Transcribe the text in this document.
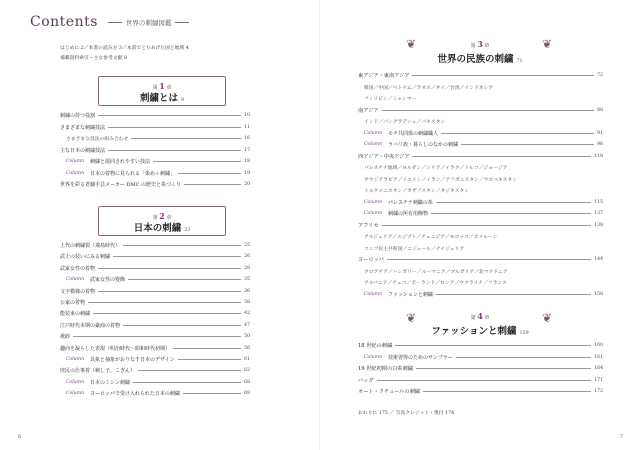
Contents	世界の刺繍図鑑
はじめに 2／本書の読み方 3／本書でとりあげた国と地域 4
補載資料索引・主な参考文献 8
第 1 章
刺繍とは 9
刺繍の持つ役割	10
さまざまな刺繍技法	11
さまざまな技法の組み合わせ	16
主な日本の刺繍技法	17
Column 刺繍と混同されやすい技法	18
Column 日本の着物に見られる「染め＋刺繍」	19
世界を彩る老舗手芸メーカー DMC の歴史と糸づくり	20
第 2 章
日本の刺繍 23
上代の刺繍裂（飛鳥時代）	25
武士の装いにみる刺繍	26
武家女性の着物	28
Column 武家女性の髪飾	35
文字模様の着物	36
公家の着物	38
能装束の刺繍	42
江戸時代末期の豪商の着物	47
袱紗	50
趣向を凝らした表現（明治時代〜昭和時代初期）	56
Column 具象と抽象がおりなす日本のデザイン	61
庶民の仕事着（刺し子、こぎん）	62
Column 日本のミシン刺繍	68
Column ヨーロッパで受け入れられた日本の刺繍	69
6
❦	❦
第 3 章
世界の民族の刺繍 71
東アジア・東南アジア	72
韓国／中国／ベトナム／ラオス／タイ／台湾／インドネシア
フィリピン／ミャンマー
南アジア	88
インド／バングラデシュ／パキスタン
Column モチ共同体の刺繍職人	91
Column ラバリ族・暮らしのなかの刺繍	96
西アジア・中央アジア	118
パレスチナ地域／ヨルダン／シリア／イラク／トルコ／ジョージア
サウジアラビア／イエメン／イラン／アフガニスタン／ウズベキスタン
トルクメニスタン／カザフスタン／タジキスタン
Column パレスチナ刺繍の糸	115
Column 刺繍の所有用飾物	137
アフリカ	138
アルジェリア／エジプト／チュニジア／モロッコ／カメルーン
コンゴ民主共和国／ニジェール／ナイジェリア
ヨーロッパ	144
クロアチア／ハンガリー／ルーマニア／ブルガリア／北マケドニア
アルバニア／チェコ／ポーランド／ロシア／ウクライナ／フランス
Column ファッションと刺繍	158
❦	❦
第 4 章
ファッションと刺繍 159
18 世紀の刺繍	160
Column 技術習得のためのサンプラー	161
19 世紀初期の白糸刺繍	164
バッグ	171
オート・クチュールの刺繍	172
おわりに 175 ／ 写真クレジット・奥付 176
7
